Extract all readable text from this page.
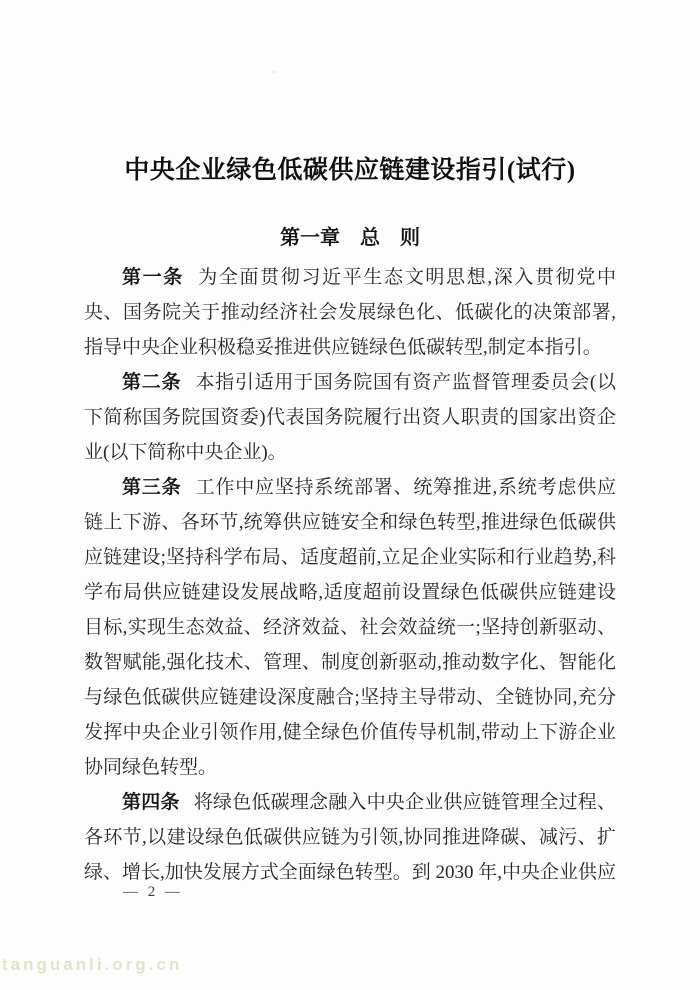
中央企业绿色低碳供应链建设指引(试行)
第一章　总　则

第一条 为全面贯彻习近平生态文明思想,深入贯彻党中央、国务院关于推动经济社会发展绿色化、低碳化的决策部署,指导中央企业积极稳妥推进供应链绿色低碳转型,制定本指引。

第二条 本指引适用于国务院国有资产监督管理委员会(以下简称国务院国资委)代表国务院履行出资人职责的国家出资企业(以下简称中央企业)。

第三条 工作中应坚持系统部署、统筹推进,系统考虑供应链上下游、各环节,统筹供应链安全和绿色转型,推进绿色低碳供应链建设;坚持科学布局、适度超前,立足企业实际和行业趋势,科学布局供应链建设发展战略,适度超前设置绿色低碳供应链建设目标,实现生态效益、经济效益、社会效益统一;坚持创新驱动、数智赋能,强化技术、管理、制度创新驱动,推动数字化、智能化与绿色低碳供应链建设深度融合;坚持主导带动、全链协同,充分发挥中央企业引领作用,健全绿色价值传导机制,带动上下游企业协同绿色转型。

第四条 将绿色低碳理念融入中央企业供应链管理全过程、各环节,以建设绿色低碳供应链为引领,协同推进降碳、减污、扩绿、增长,加快发展方式全面绿色转型。到 2030 年,中央企业供应

— 2 —
tanguanli.org.cn
